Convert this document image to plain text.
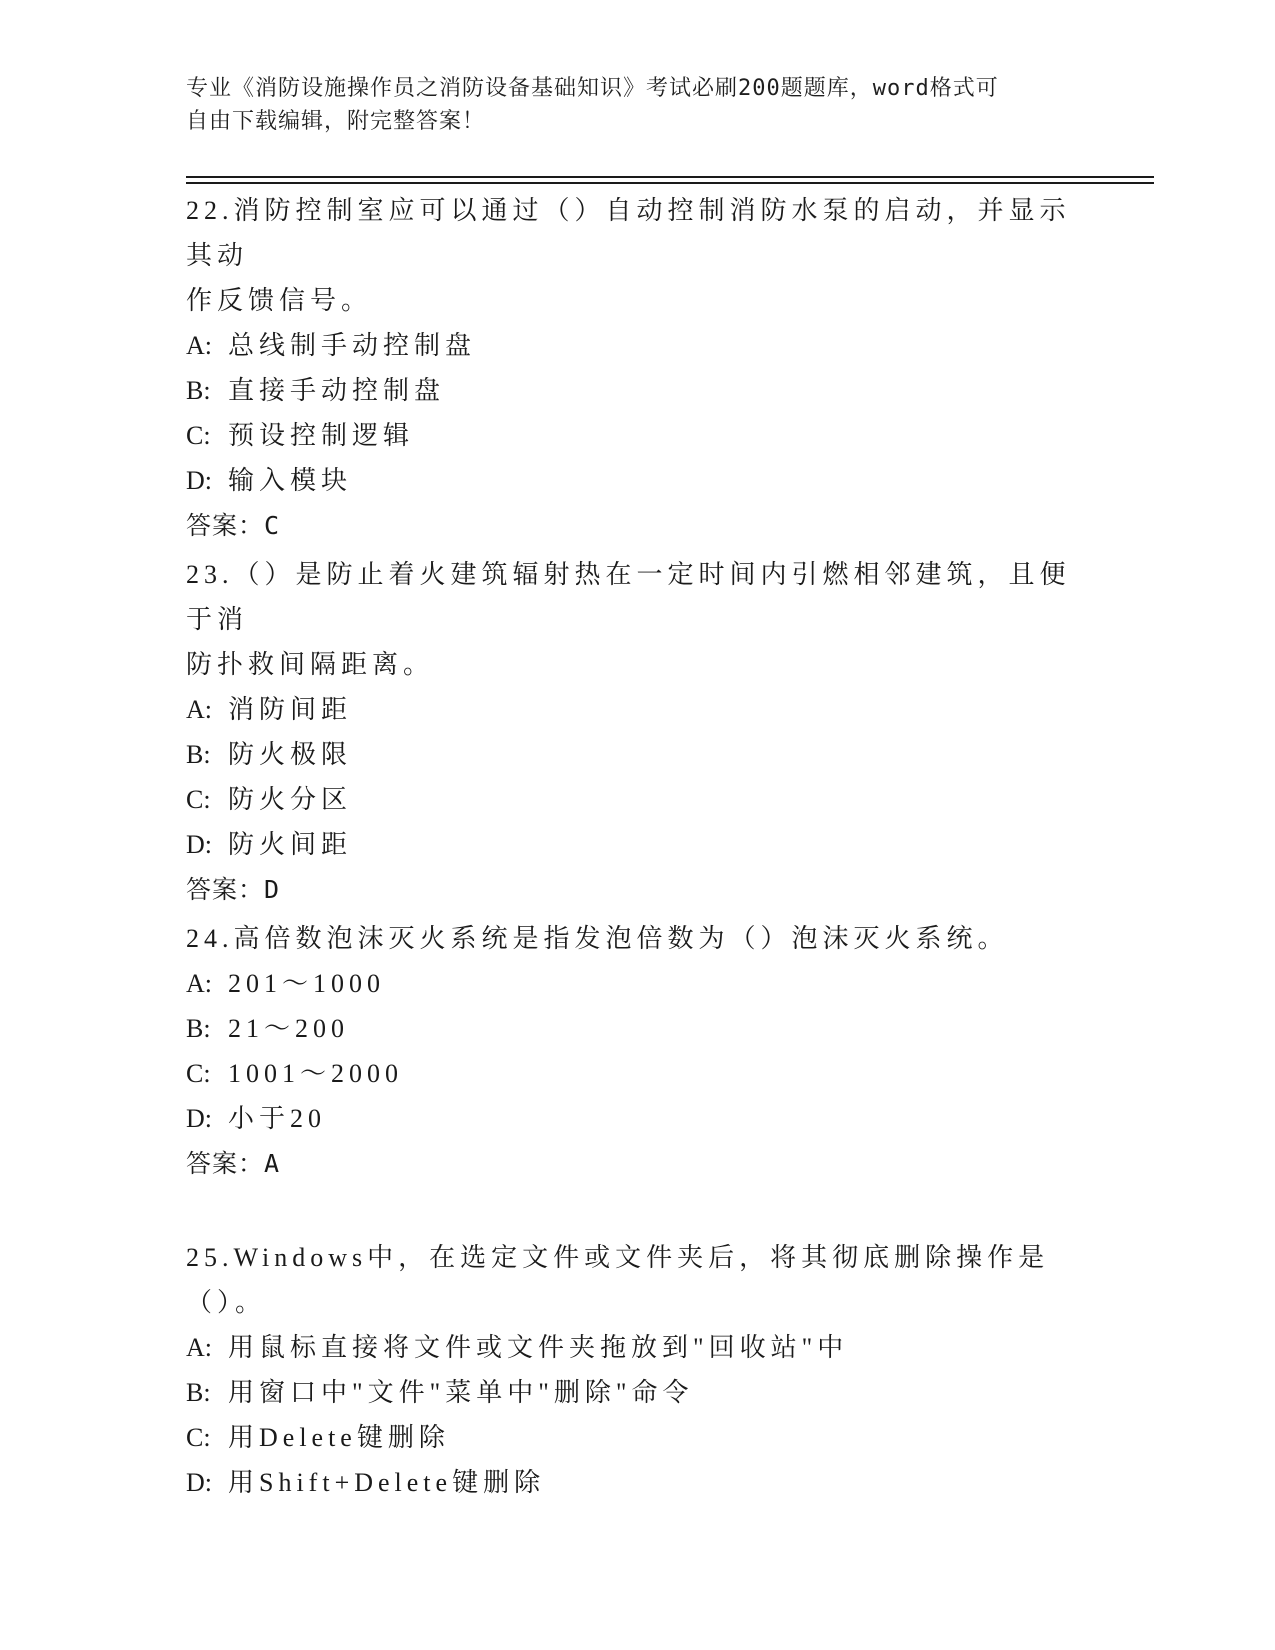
专业《消防设施操作员之消防设备基础知识》考试必刷200题题库，word格式可
自由下载编辑，附完整答案！

22.消防控制室应可以通过（）自动控制消防水泵的启动，并显示其动
作反馈信号。

A: 总线制手动控制盘

B: 直接手动控制盘

C: 预设控制逻辑

D: 输入模块

答案：C

23.（）是防止着火建筑辐射热在一定时间内引燃相邻建筑，且便于消
防扑救间隔距离。

A: 消防间距

B: 防火极限

C: 防火分区

D: 防火间距

答案：D

24.高倍数泡沫灭火系统是指发泡倍数为（）泡沫灭火系统。

A: 201～1000

B: 21～200

C: 1001～2000

D: 小于20

答案：A

25.Windows中，在选定文件或文件夹后，将其彻底删除操作是（）。

A: 用鼠标直接将文件或文件夹拖放到"回收站"中

B: 用窗口中"文件"菜单中"删除"命令

C: 用Delete键删除

D: 用Shift+Delete键删除
